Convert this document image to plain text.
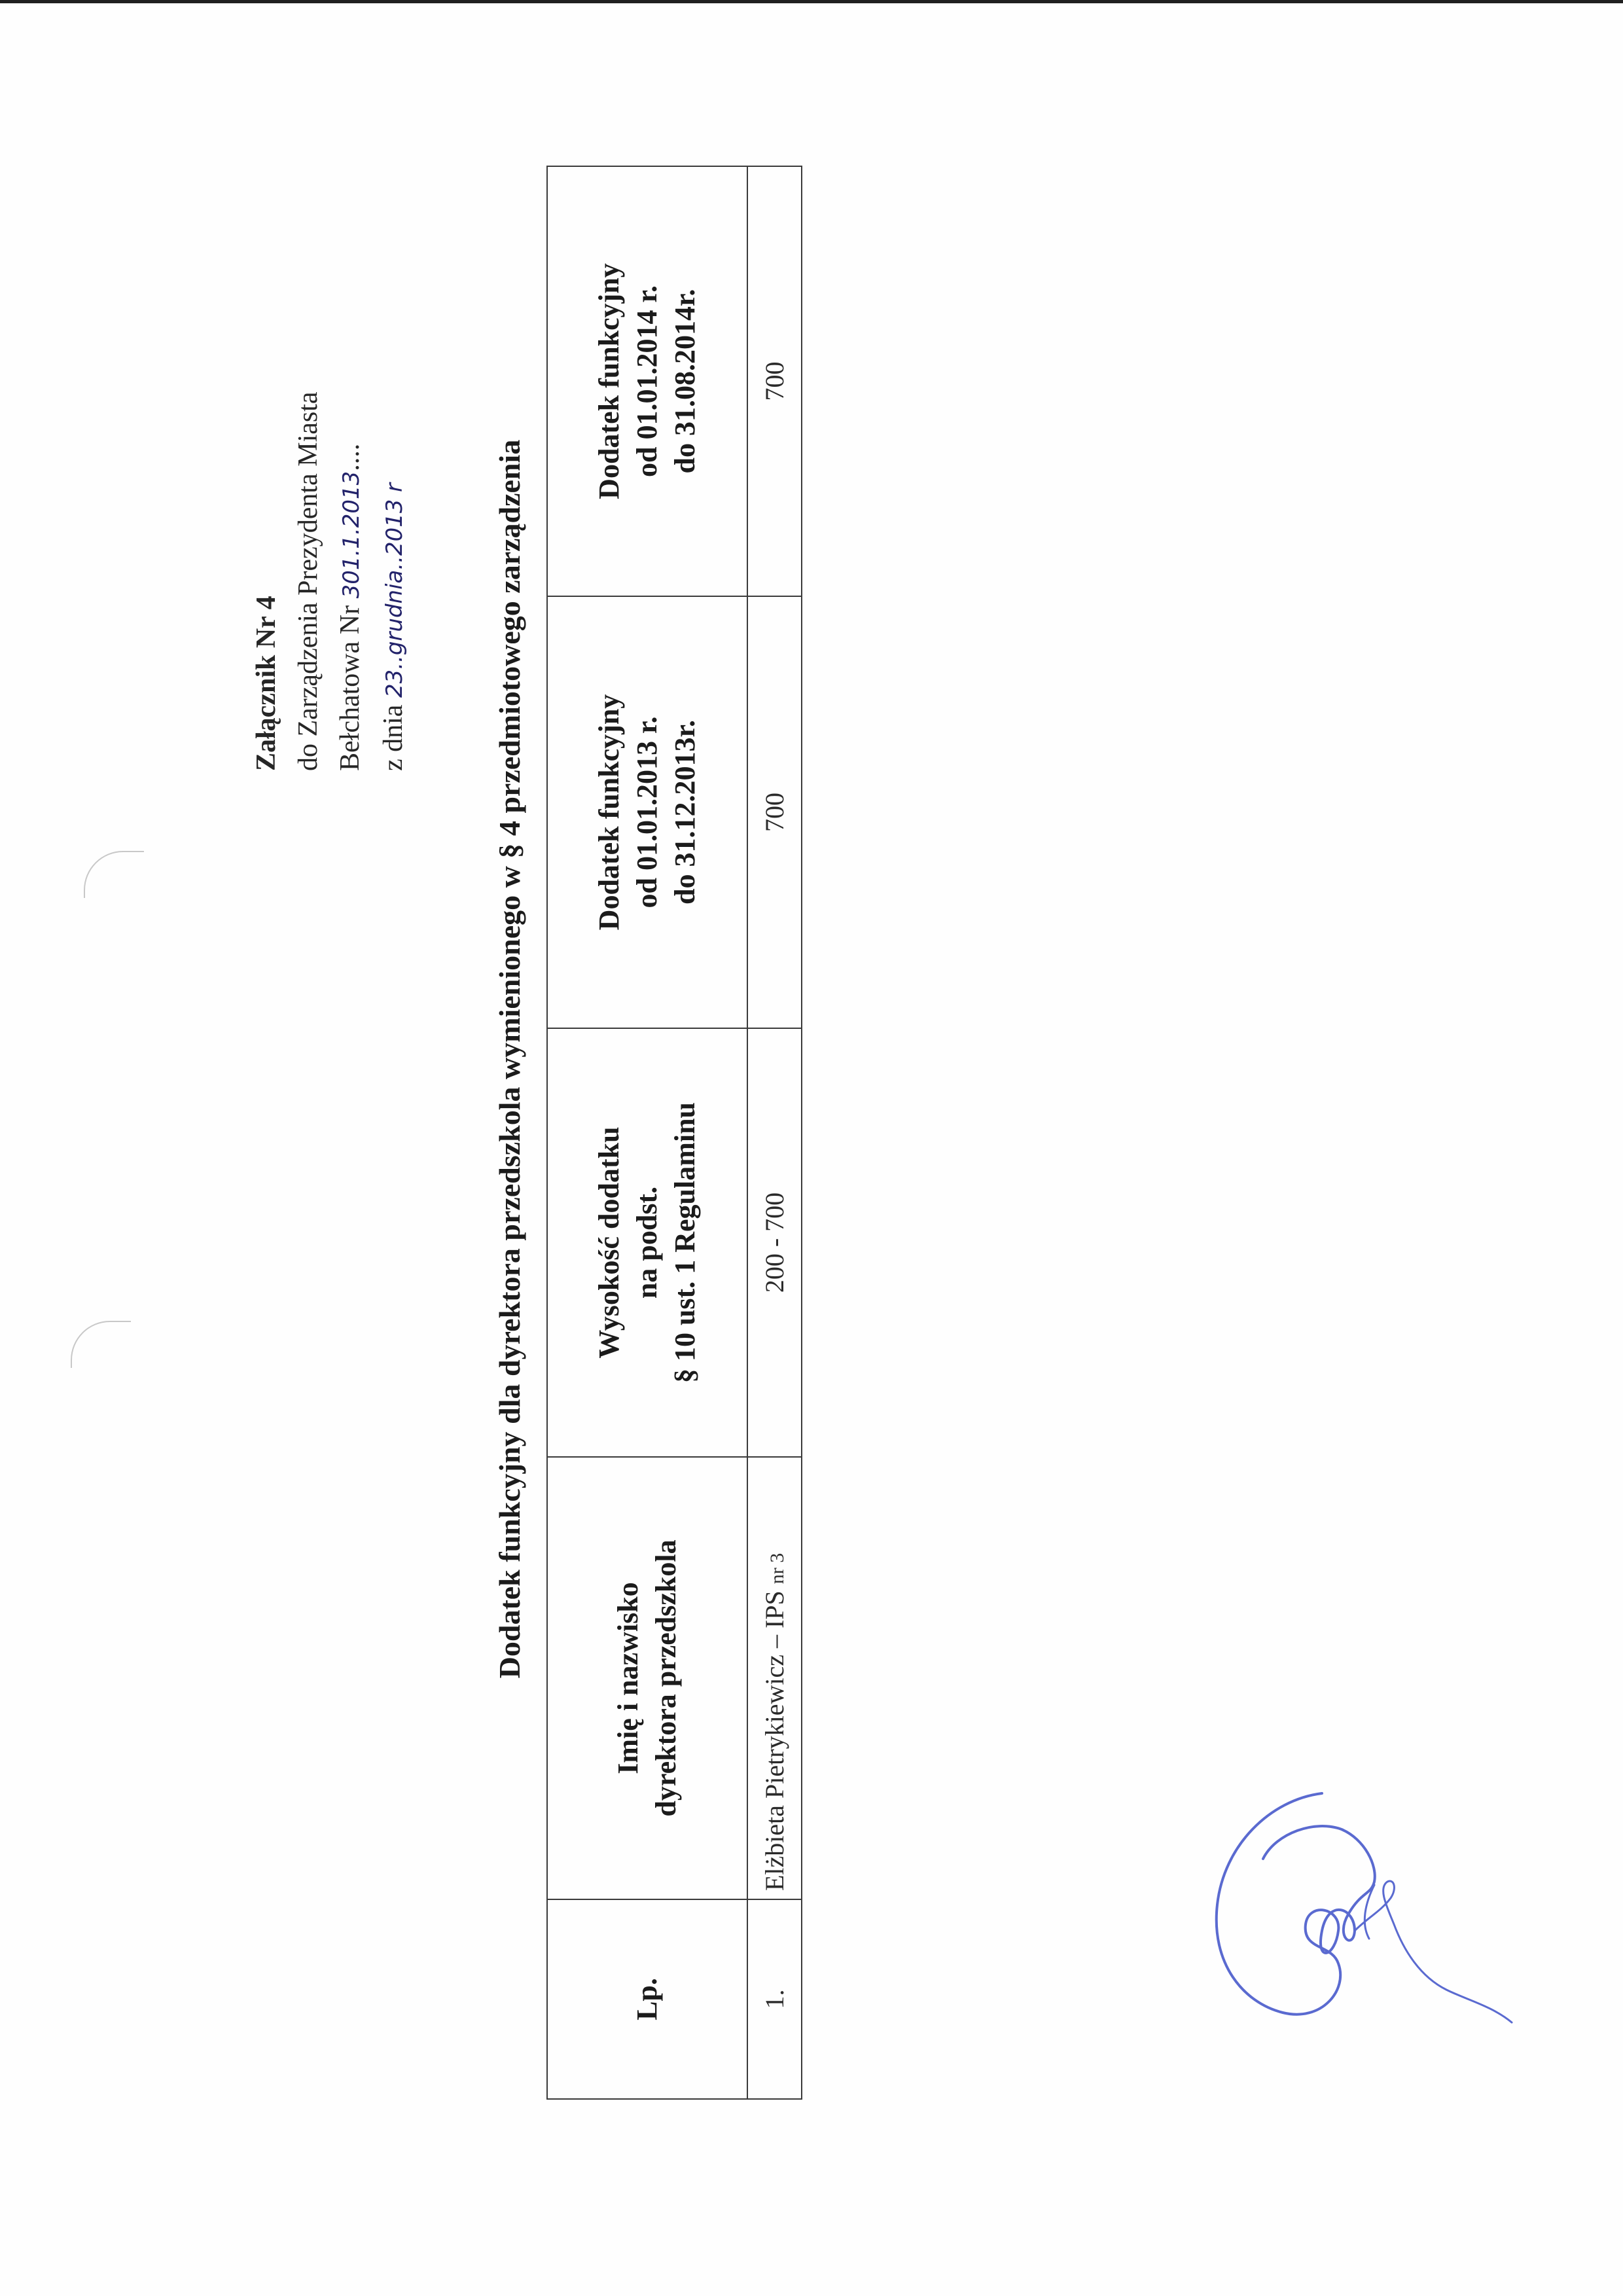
Załącznik Nr 4 do Zarządzenia Prezydenta Miasta Bełchatowa Nr 301.1.2013....
z dnia 23..grudnia..2013 r	Dodatek funkcyjny dla dyrektora przedszkola wymienionego w § 4 przedmiotowego zarządzenia
Lp.	Imię i nazwisko dyrektora przedszkola	Wysokość dodatku na podst. § 10 ust. 1 Regulaminu	Dodatek funkcyjny od 01.01.2013 r. do 31.12.2013r.	Dodatek funkcyjny od 01.01.2014 r. do 31.08.2014r.

1.	Elżbieta Pietrykiewicz – IPS nr 3	200 - 700	700	700
